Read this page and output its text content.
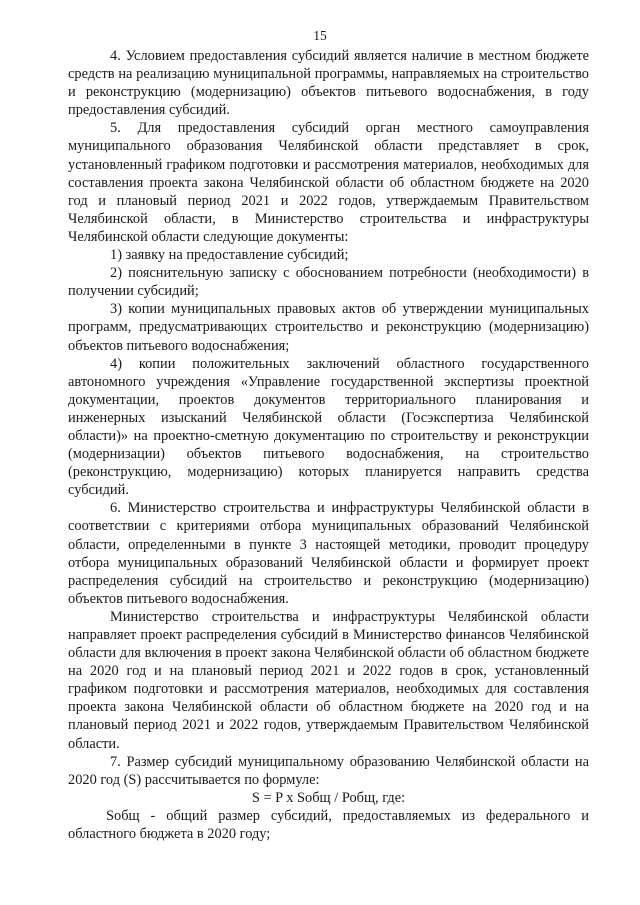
15

4. Условием предоставления субсидий является наличие в местном бюджете средств на реализацию муниципальной программы, направляемых на строительство и реконструкцию (модернизацию) объектов питьевого водоснабжения, в году предоставления субсидий.

5. Для предоставления субсидий орган местного самоуправления муниципального образования Челябинской области представляет в срок, установленный графиком подготовки и рассмотрения материалов, необходимых для составления проекта закона Челябинской области об областном бюджете на 2020 год и плановый период 2021 и 2022 годов, утверждаемым Правительством Челябинской области, в Министерство строительства и инфраструктуры Челябинской области следующие документы:

1) заявку на предоставление субсидий;

2) пояснительную записку с обоснованием потребности (необходимости) в получении субсидий;

3) копии муниципальных правовых актов об утверждении муниципальных программ, предусматривающих строительство и реконструкцию (модернизацию) объектов питьевого водоснабжения;

4) копии положительных заключений областного государственного автономного учреждения «Управление государственной экспертизы проектной документации, проектов документов территориального планирования и инженерных изысканий Челябинской области (Госэкспертиза Челябинской области)» на проектно-сметную документацию по строительству и реконструкции (модернизации) объектов питьевого водоснабжения, на строительство (реконструкцию, модернизацию) которых планируется направить средства субсидий.

6. Министерство строительства и инфраструктуры Челябинской области в соответствии с критериями отбора муниципальных образований Челябинской области, определенными в пункте 3 настоящей методики, проводит процедуру отбора муниципальных образований Челябинской области и формирует проект распределения субсидий на строительство и реконструкцию (модернизацию) объектов питьевого водоснабжения.

Министерство строительства и инфраструктуры Челябинской области направляет проект распределения субсидий в Министерство финансов Челябинской области для включения в проект закона Челябинской области об областном бюджете на 2020 год и на плановый период 2021 и 2022 годов в срок, установленный графиком подготовки и рассмотрения материалов, необходимых для составления проекта закона Челябинской области об областном бюджете на 2020 год и на плановый период 2021 и 2022 годов, утверждаемым Правительством Челябинской области.

7. Размер субсидий муниципальному образованию Челябинской области на 2020 год (S) рассчитывается по формуле:

S = P x Sобщ / Робщ, где:

Sобщ - общий размер субсидий, предоставляемых из федерального и областного бюджета в 2020 году;
